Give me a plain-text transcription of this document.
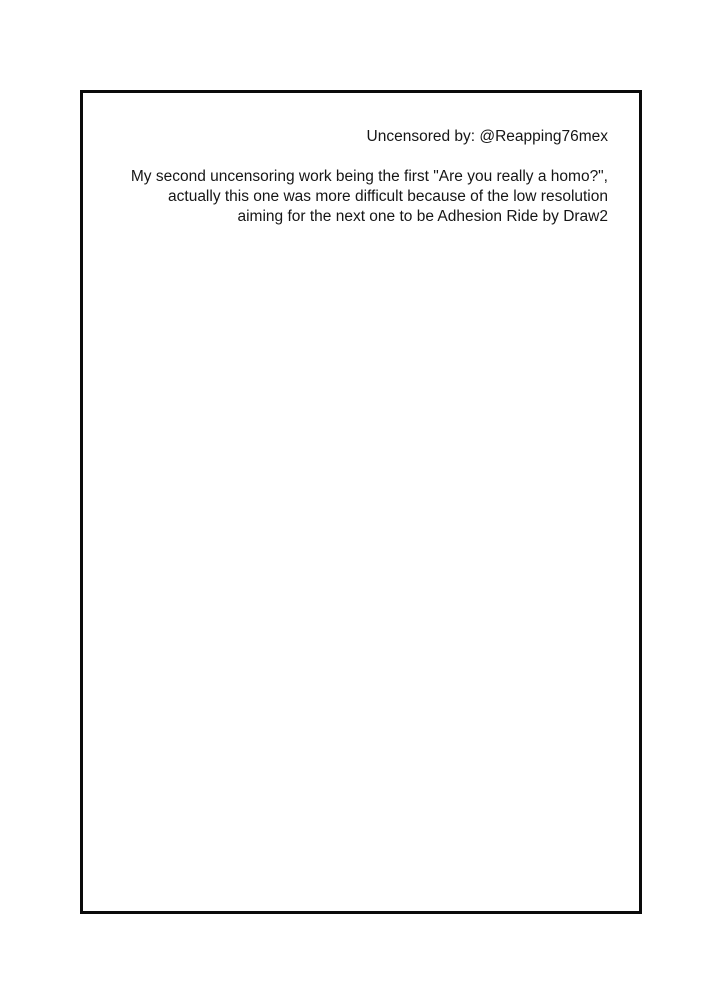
Uncensored by: @Reapping76mex
My second uncensoring work being the first "Are you really a homo?",
actually this one was more difficult because of the low resolution
aiming for the next one to be Adhesion Ride by Draw2
